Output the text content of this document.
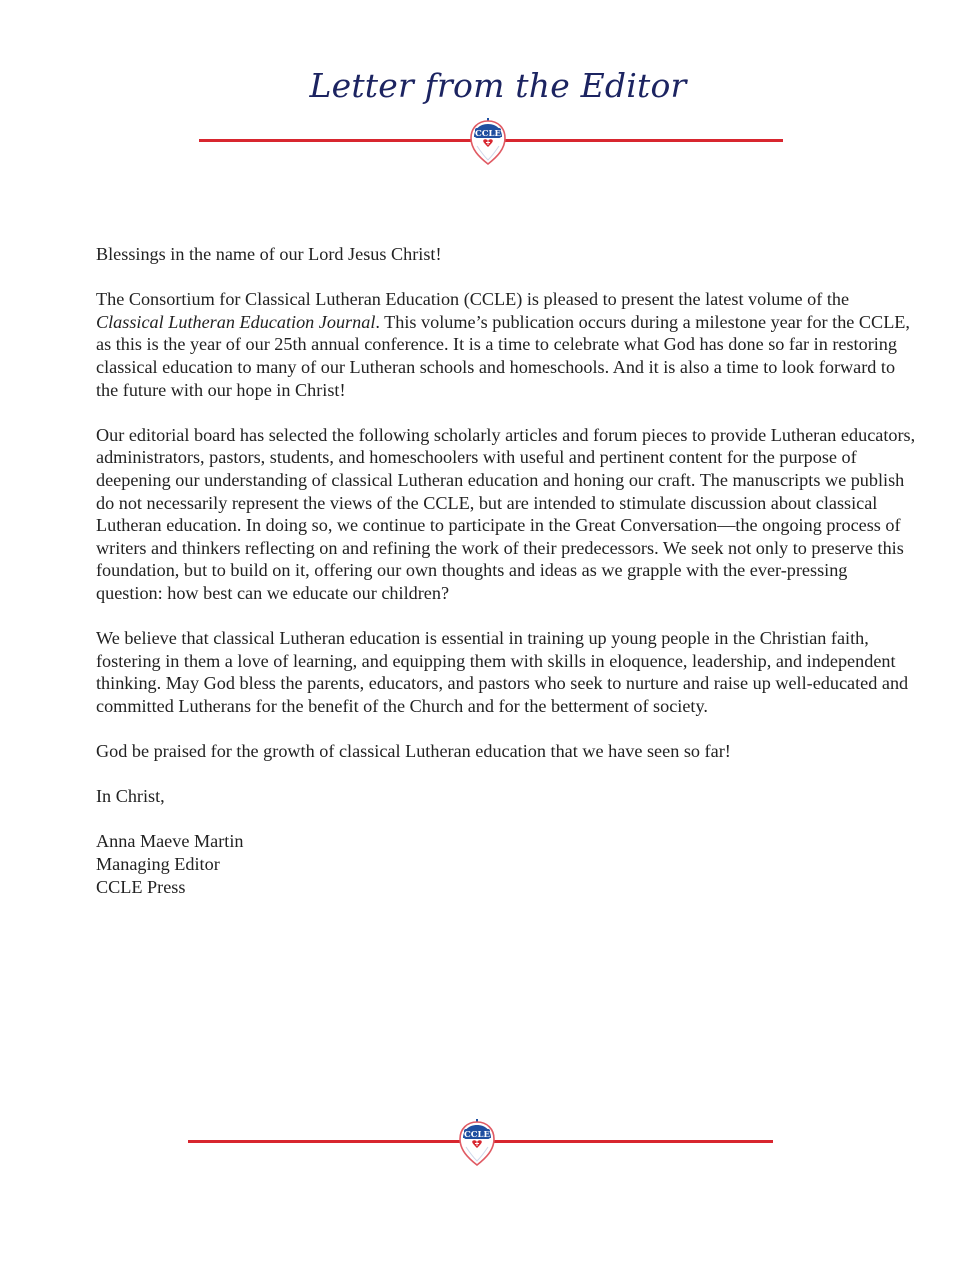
Letter from the Editor
CCLE

Blessings in the name of our Lord Jesus Christ!

The Consortium for Classical Lutheran Education (CCLE) is pleased to present the latest volume of the Classical Lutheran Education Journal. This volume’s publication occurs during a milestone year for the CCLE, as this is the year of our 25th annual conference. It is a time to celebrate what God has done so far in restoring classical education to many of our Lutheran schools and homeschools. And it is also a time to look forward to the future with our hope in Christ!

Our editorial board has selected the following scholarly articles and forum pieces to provide Lutheran educators, administrators, pastors, students, and homeschoolers with useful and pertinent content for the purpose of deepening our understanding of classical Lutheran education and honing our craft. The manuscripts we publish do not necessarily represent the views of the CCLE, but are intended to stimulate discussion about classical Lutheran education. In doing so, we continue to participate in the Great Conversation—the ongoing process of writers and thinkers reflecting on and refining the work of their predecessors. We seek not only to preserve this foundation, but to build on it, offering our own thoughts and ideas as we grapple with the ever-pressing question: how best can we educate our children?

We believe that classical Lutheran education is essential in training up young people in the Christian faith, fostering in them a love of learning, and equipping them with skills in eloquence, leadership, and independent thinking. May God bless the parents, educators, and pastors who seek to nurture and raise up well-educated and committed Lutherans for the benefit of the Church and for the betterment of society.

God be praised for the growth of classical Lutheran education that we have seen so far!

In Christ,

Anna Maeve Martin

Managing Editor

CCLE Press

CCLE
